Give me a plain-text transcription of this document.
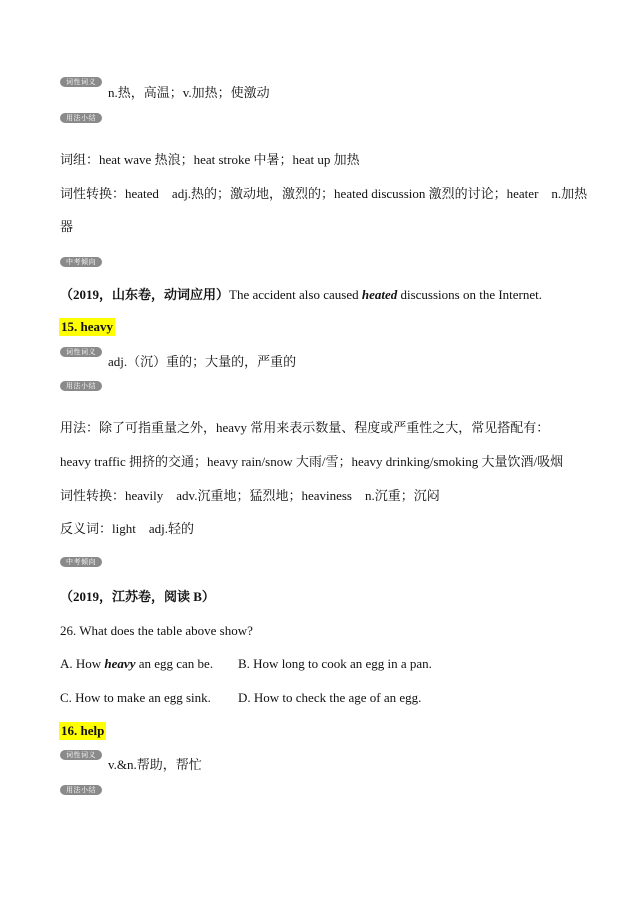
词性词义
n.热，高温；v.加热；使激动
用法小结
词组：heat wave 热浪；heat stroke 中暑；heat up 加热
词性转换：heated　adj.热的；激动地，激烈的；heated discussion 激烈的讨论；heater　n.加热
器
中考倾向
（2019，山东卷，动词应用）The accident also caused heated discussions on the Internet.
15. heavy
词性词义
adj.（沉）重的；大量的，严重的
用法小结
用法：除了可指重量之外，heavy 常用来表示数量、程度或严重性之大，常见搭配有：
heavy traffic 拥挤的交通；heavy rain/snow 大雨/雪；heavy drinking/smoking 大量饮酒/吸烟
词性转换：heavily　adv.沉重地；猛烈地；heaviness　n.沉重；沉闷
反义词：light　adj.轻的
中考倾向
（2019，江苏卷，阅读 B）
26. What does the table above show?
A. How heavy an egg can be. B. How long to cook an egg in a pan.
C. How to make an egg sink. D. How to check the age of an egg.
16. help
词性词义
v.&n.帮助，帮忙
用法小结
